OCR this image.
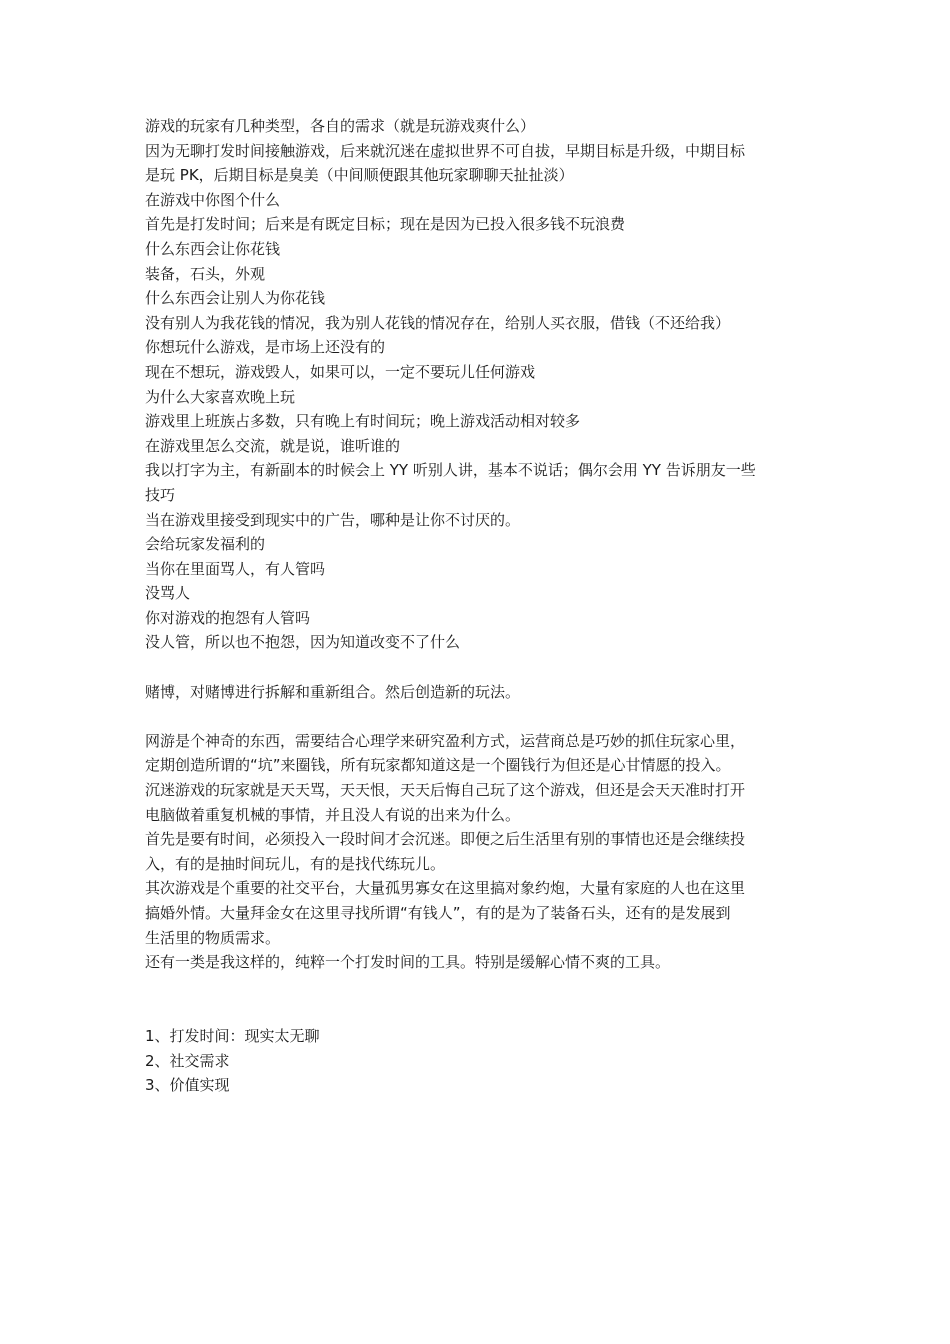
游戏的玩家有几种类型，各自的需求（就是玩游戏爽什么）
因为无聊打发时间接触游戏，后来就沉迷在虚拟世界不可自拔，早期目标是升级，中期目标
是玩 PK，后期目标是臭美（中间顺便跟其他玩家聊聊天扯扯淡）
在游戏中你图个什么
首先是打发时间；后来是有既定目标；现在是因为已投入很多钱不玩浪费
什么东西会让你花钱
装备，石头，外观
什么东西会让别人为你花钱
没有别人为我花钱的情况，我为别人花钱的情况存在，给别人买衣服，借钱（不还给我）
你想玩什么游戏，是市场上还没有的
现在不想玩，游戏毁人，如果可以，一定不要玩儿任何游戏
为什么大家喜欢晚上玩
游戏里上班族占多数，只有晚上有时间玩；晚上游戏活动相对较多
在游戏里怎么交流，就是说，谁听谁的
我以打字为主，有新副本的时候会上 YY 听别人讲，基本不说话；偶尔会用 YY 告诉朋友一些
技巧
当在游戏里接受到现实中的广告，哪种是让你不讨厌的。
会给玩家发福利的
当你在里面骂人，有人管吗
没骂人
你对游戏的抱怨有人管吗
没人管，所以也不抱怨，因为知道改变不了什么
赌博，对赌博进行拆解和重新组合。然后创造新的玩法。
网游是个神奇的东西，需要结合心理学来研究盈利方式，运营商总是巧妙的抓住玩家心里，
定期创造所谓的“坑”来圈钱，所有玩家都知道这是一个圈钱行为但还是心甘情愿的投入。
沉迷游戏的玩家就是天天骂，天天恨，天天后悔自己玩了这个游戏，但还是会天天准时打开
电脑做着重复机械的事情，并且没人有说的出来为什么。
首先是要有时间，必须投入一段时间才会沉迷。即便之后生活里有别的事情也还是会继续投
入，有的是抽时间玩儿，有的是找代练玩儿。
其次游戏是个重要的社交平台，大量孤男寡女在这里搞对象约炮，大量有家庭的人也在这里
搞婚外情。大量拜金女在这里寻找所谓“有钱人”，有的是为了装备石头，还有的是发展到
生活里的物质需求。
还有一类是我这样的，纯粹一个打发时间的工具。特别是缓解心情不爽的工具。
1、打发时间：现实太无聊
2、社交需求
3、价值实现
